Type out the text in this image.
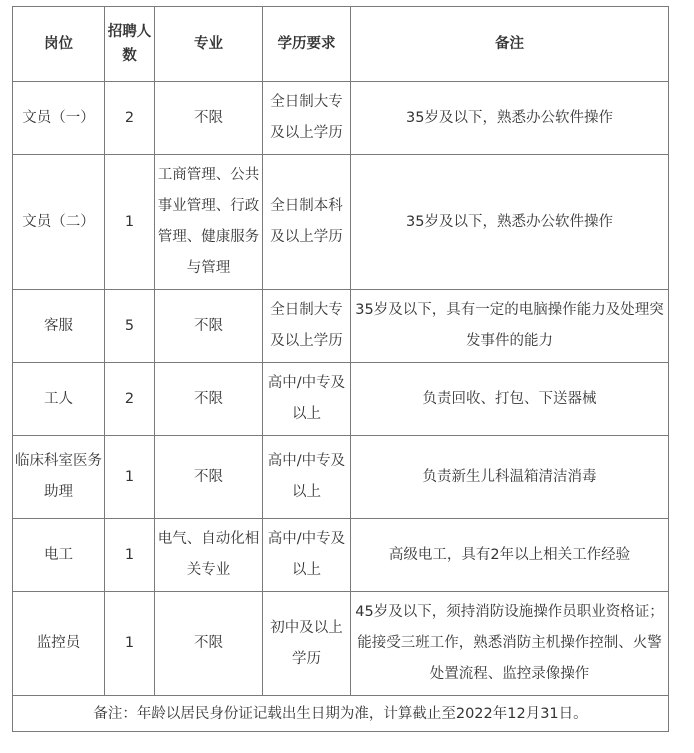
岗位	招聘人数	专业	学历要求	备注
文员（一）	2	不限	全日制大专及以上学历	35岁及以下，熟悉办公软件操作
文员（二）	1	工商管理、公共事业管理、行政管理、健康服务与管理	全日制本科及以上学历	35岁及以下，熟悉办公软件操作
客服	5	不限	全日制大专及以上学历	35岁及以下，具有一定的电脑操作能力及处理突发事件的能力
工人	2	不限	高中/中专及以上	负责回收、打包、下送器械
临床科室医务助理	1	不限	高中/中专及以上	负责新生儿科温箱清洁消毒
电工	1	电气、自动化相关专业	高中/中专及以上	高级电工，具有2年以上相关工作经验
监控员	1	不限	初中及以上学历	45岁及以下，须持消防设施操作员职业资格证；能接受三班工作，熟悉消防主机操作控制、火警处置流程、监控录像操作
备注：年龄以居民身份证记载出生日期为准，计算截止至2022年12月31日。				
